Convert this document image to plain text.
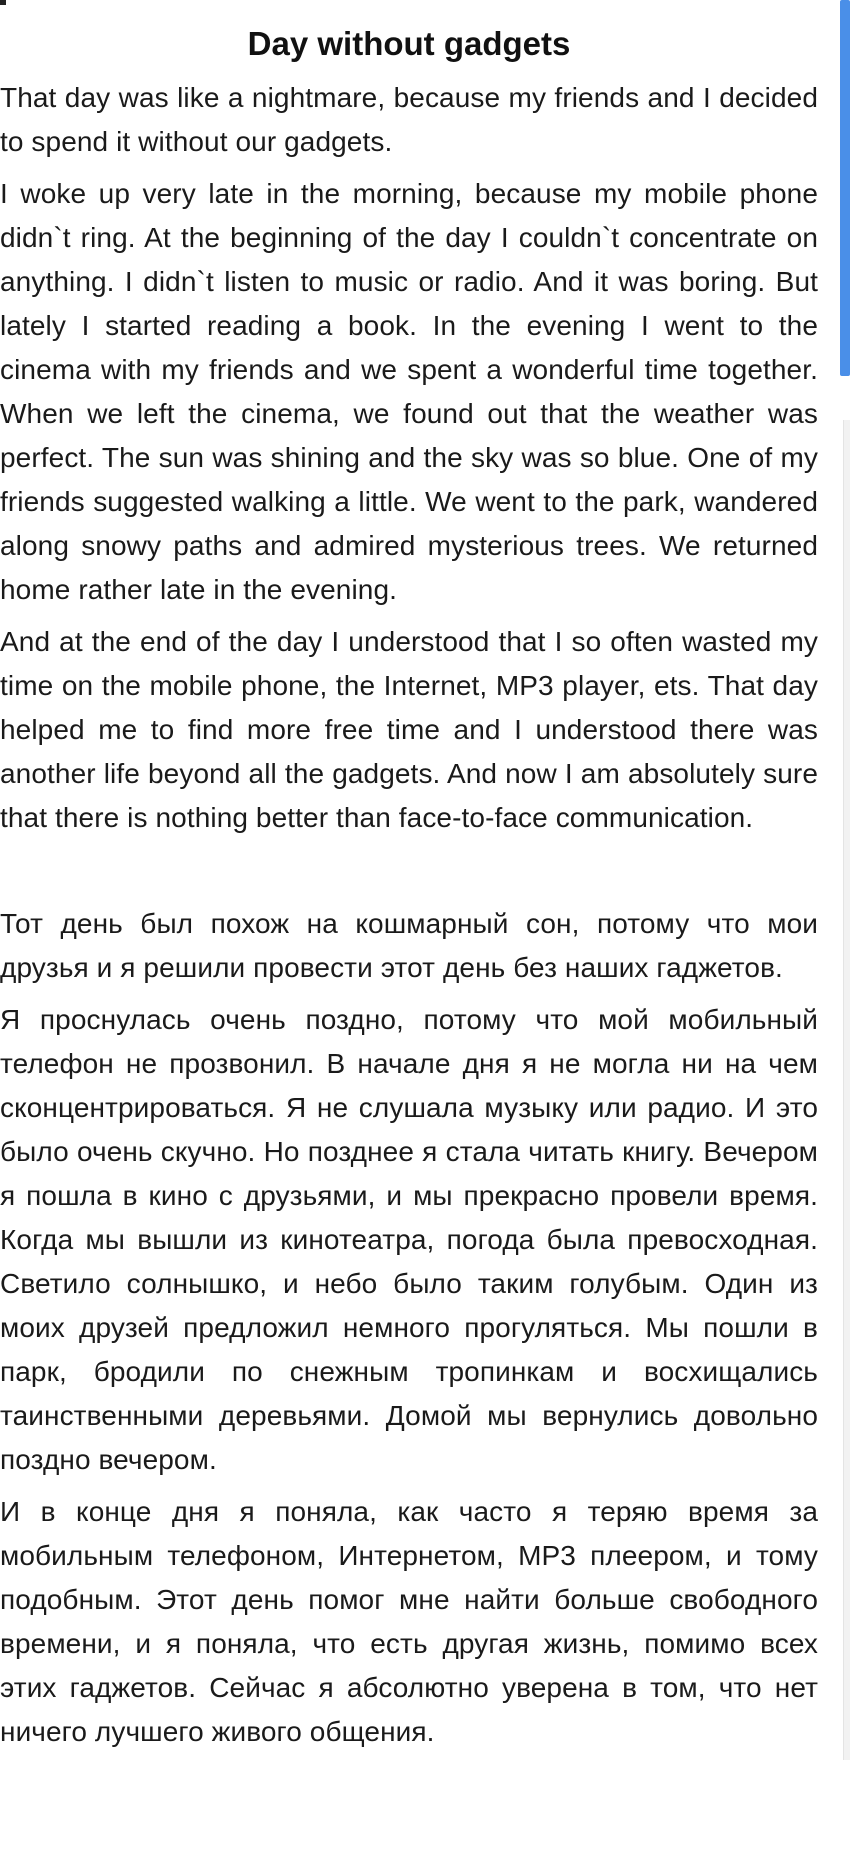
Day without gadgets

That day was like a nightmare, because my friends and I decided to spend it without our gadgets.

I woke up very late in the morning, because my mobile phone didn`t ring. At the beginning of the day I couldn`t concentrate on anything. I didn`t listen to music or radio. And it was boring. But lately I started reading a book. In the evening I went to the cinema with my friends and we spent a wonderful time together. When we left the cinema, we found out that the weather was perfect. The sun was shining and the sky was so blue. One of my friends suggested walking a little. We went to the park, wandered along snowy paths and admired mysterious trees. We returned home rather late in the evening.

And at the end of the day I understood that I so often wasted my time on the mobile phone, the Internet, MP3 player, ets. That day helped me to find more free time and I understood there was another life beyond all the gadgets. And now I am absolutely sure that there is nothing better than face-to-face communication.

Тот день был похож на кошмарный сон, потому что мои друзья и я решили провести этот день без наших гаджетов.

Я проснулась очень поздно, потому что мой мобильный телефон не прозвонил. В начале дня я не могла ни на чем сконцентрироваться. Я не слушала музыку или радио. И это было очень скучно. Но позднее я стала читать книгу. Вечером я пошла в кино с друзьями, и мы прекрасно провели время. Когда мы вышли из кинотеатра, погода была превосходная. Светило солнышко, и небо было таким голубым. Один из моих друзей предложил немного прогуляться. Мы пошли в парк, бродили по снежным тропинкам и восхищались таинственными деревьями. Домой мы вернулись довольно поздно вечером.

И в конце дня я поняла, как часто я теряю время за мобильным телефоном, Интернетом, MP3 плеером, и тому подобным. Этот день помог мне найти больше свободного времени, и я поняла, что есть другая жизнь, помимо всех этих гаджетов. Сейчас я абсолютно уверена в том, что нет ничего лучшего живого общения.
